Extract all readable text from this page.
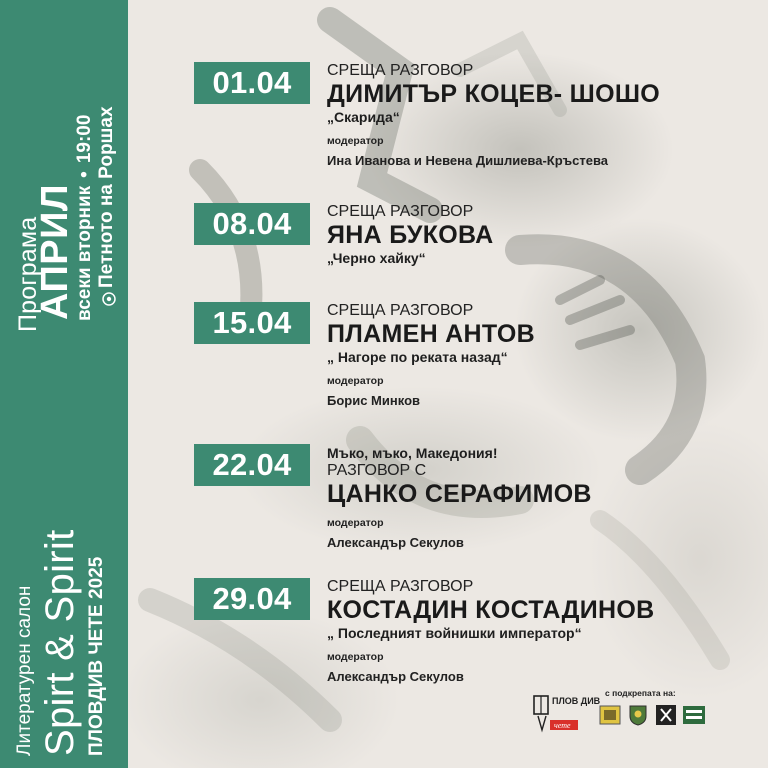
Програма
АПРИЛ
всеки вторник•19:00 Петното на Роршах
Литературен салон Spirt & Spirit ПЛОВДИВ ЧЕТЕ 2025
01.04	СРЕЩА РАЗГОВОР
ДИМИТЪР КОЦЕВ- ШОШО
„Скарида“
модератор
Ина Иванова и Невена Дишлиева-Кръстева
08.04	СРЕЩА РАЗГОВОР
ЯНА БУКОВА
„Черно хайку“
15.04	СРЕЩА РАЗГОВОР
ПЛАМЕН АНТОВ
„ Нагоре по реката назад“
модератор
Борис Минков
22.04	Мъко, мъко, Македония!
РАЗГОВОР С
ЦАНКО СЕРАФИМОВ
модератор
Александър Секулов
29.04	СРЕЩА РАЗГОВОР
КОСТАДИН КОСТАДИНОВ
„ Последният войнишки император“
модератор
Александър Секулов
ПЛОВ ДИВ
чете
с подкрепата на:
